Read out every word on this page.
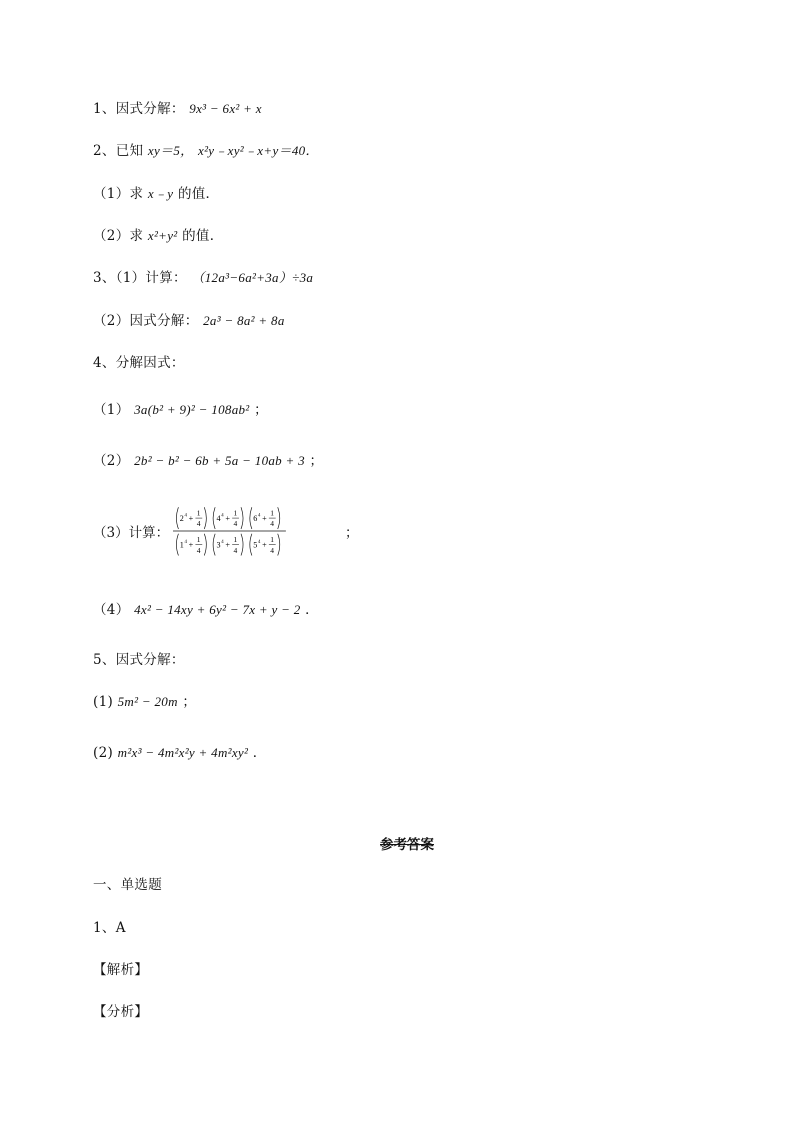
1、因式分解： 9x³ − 6x² + x
2、已知 xy＝5， x²y﹣xy²﹣x+y＝40．
（1）求 x﹣y 的值．
（2）求 x²+y² 的值．
3、（1）计算： （12a³−6a²+3a）÷3a
（2）因式分解： 2a³ − 8a² + 8a
4、分解因式：
（1） 3a(b² + 9)² − 108ab² ；
（2） 2b² − b² − 6b + 5a − 10ab + 3 ；
（3）计算：
2 4 +
1
4
4 4 +
1
4
6 4 +
1
4
1 4 +
1
4
3 4 +
1
4
5 4 +
1
4
；
（4） 4x² − 14xy + 6y² − 7x + y − 2 ．
5、因式分解：
(1) 5m² − 20m ；
(2) m²x³ − 4m²x²y + 4m²xy² ．
参考答案
一、单选题
1、A
【解析】
【分析】
